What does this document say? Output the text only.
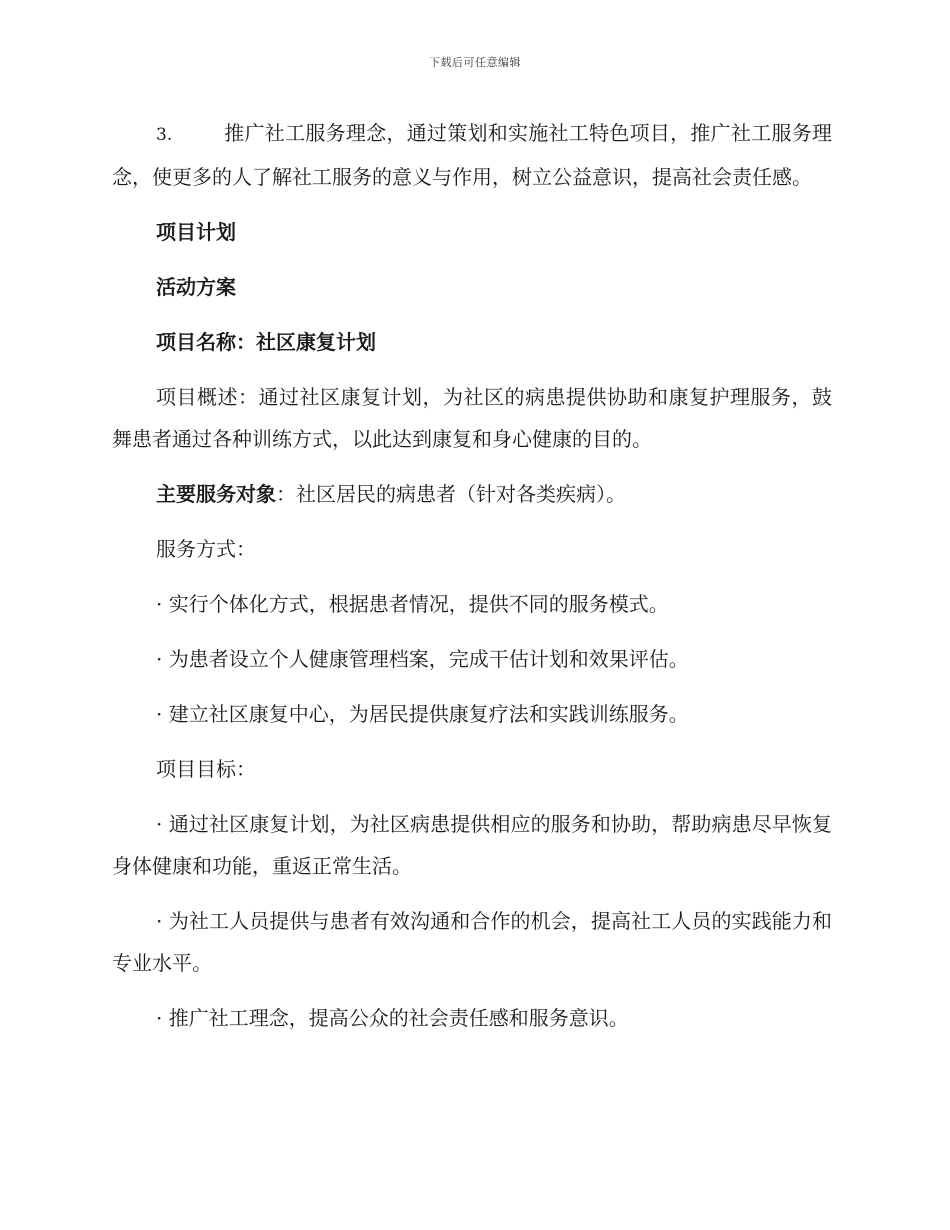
下载后可任意编辑

3.	推广社工服务理念，通过策划和实施社工特色项目，推广社工服务理念，使更多的人了解社工服务的意义与作用，树立公益意识，提高社会责任感。

项目计划

活动方案

项目名称：社区康复计划

项目概述：通过社区康复计划，为社区的病患提供协助和康复护理服务，鼓舞患者通过各种训练方式，以此达到康复和身心健康的目的。

主要服务对象：社区居民的病患者（针对各类疾病）。

服务方式：

· 实行个体化方式，根据患者情况，提供不同的服务模式。

· 为患者设立个人健康管理档案，完成干估计划和效果评估。

· 建立社区康复中心，为居民提供康复疗法和实践训练服务。

项目目标：

· 通过社区康复计划，为社区病患提供相应的服务和协助，帮助病患尽早恢复身体健康和功能，重返正常生活。

· 为社工人员提供与患者有效沟通和合作的机会，提高社工人员的实践能力和专业水平。

· 推广社工理念，提高公众的社会责任感和服务意识。
